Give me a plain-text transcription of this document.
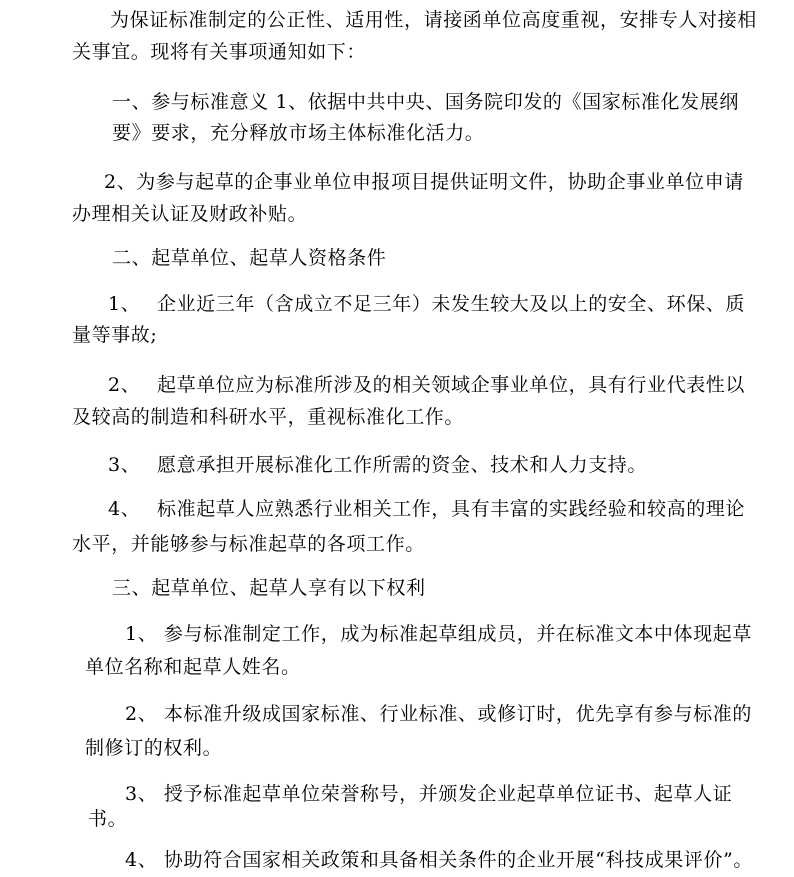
为保证标准制定的公正性、适用性，请接函单位高度重视，安排专人对接相
关事宜。现将有关事项通知如下：
一、参与标准意义 1、依据中共中央、国务院印发的《国家标准化发展纲
要》要求，充分释放市场主体标准化活力。
2、为参与起草的企事业单位申报项目提供证明文件，协助企事业单位申请
办理相关认证及财政补贴。
二、起草单位、起草人资格条件
1、 企业近三年（含成立不足三年）未发生较大及以上的安全、环保、质
量等事故;
2、 起草单位应为标准所涉及的相关领域企事业单位，具有行业代表性以
及较高的制造和科研水平，重视标准化工作。
3、 愿意承担开展标准化工作所需的资金、技术和人力支持。
4、 标准起草人应熟悉行业相关工作，具有丰富的实践经验和较高的理论
水平，并能够参与标准起草的各项工作。
三、起草单位、起草人享有以下权利
1、 参与标准制定工作，成为标准起草组成员，并在标准文本中体现起草
单位名称和起草人姓名。
2、 本标准升级成国家标准、行业标准、或修订时，优先享有参与标准的
制修订的权利。
3、 授予标准起草单位荣誉称号，并颁发企业起草单位证书、起草人证
书。
4、 协助符合国家相关政策和具备相关条件的企业开展“科技成果评价”。
